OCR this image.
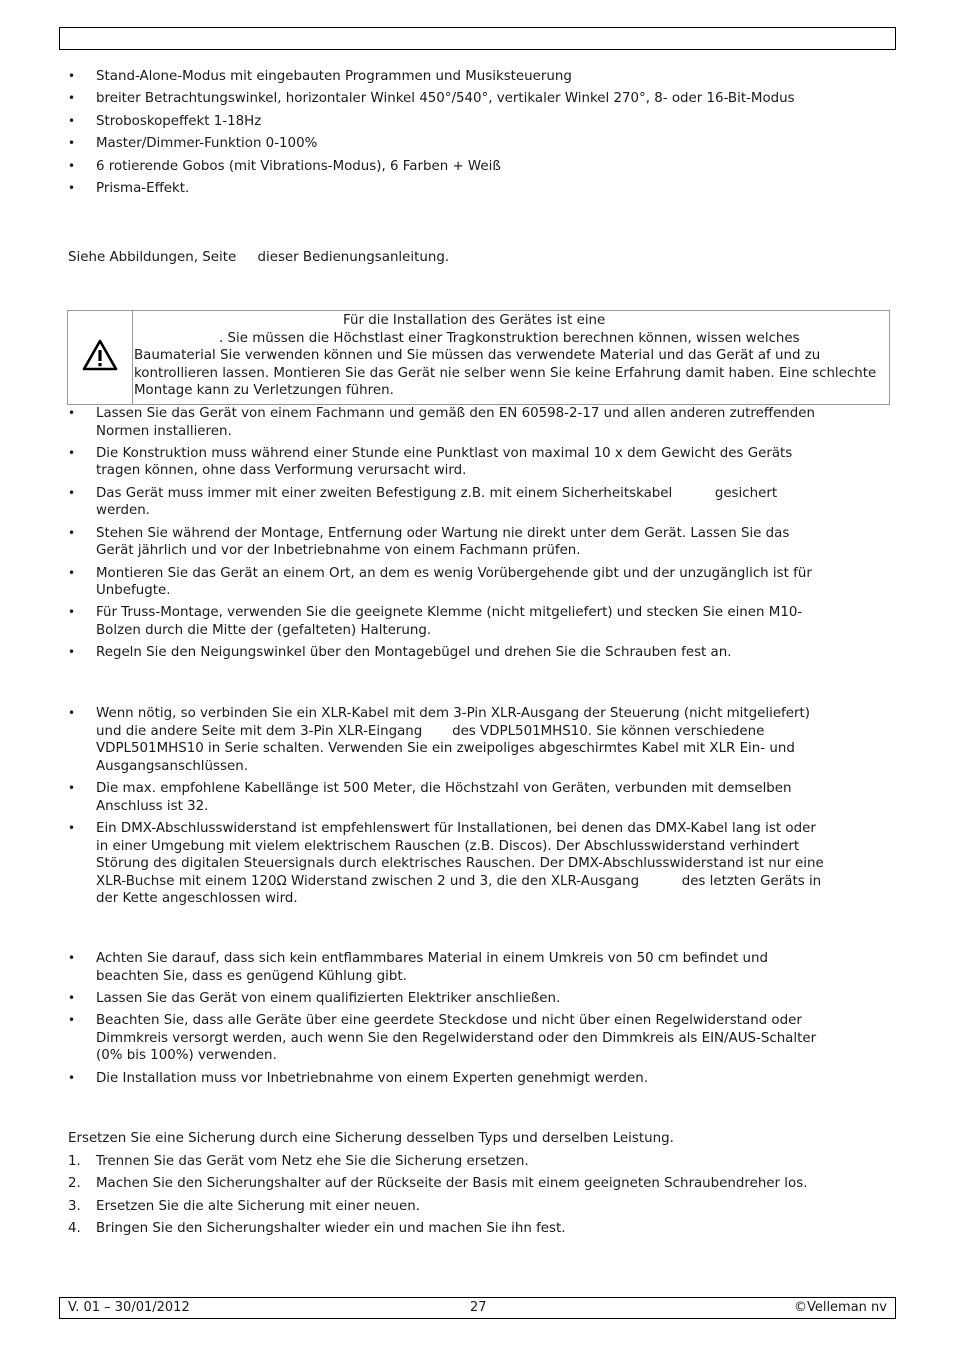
• Stand-Alone-Modus mit eingebauten Programmen und Musiksteuerung
• breiter Betrachtungswinkel, horizontaler Winkel 450°/540°, vertikaler Winkel 270°, 8- oder 16-Bit-Modus
• Stroboskopeffekt 1-18Hz
• Master/Dimmer-Funktion 0-100%
• 6 rotierende Gobos (mit Vibrations-Modus), 6 Farben + Weiß
• Prisma-Effekt.
Siehe Abbildungen, Seite     dieser Bedienungsanleitung.
Für die Installation des Gerätes ist eine
. Sie müssen die Höchstlast einer Tragkonstruktion berechnen können, wissen welches
Baumaterial Sie verwenden können und Sie müssen das verwendete Material und das Gerät af und zu kontrollieren lassen. Montieren Sie das Gerät nie selber wenn Sie keine Erfahrung damit haben. Eine schlechte Montage kann zu Verletzungen führen.
• Lassen Sie das Gerät von einem Fachmann und gemäß den EN 60598-2-17 und allen anderen zutreffenden
Normen installieren.
• Die Konstruktion muss während einer Stunde eine Punktlast von maximal 10 x dem Gewicht des Geräts
tragen können, ohne dass Verformung verursacht wird.
• Das Gerät muss immer mit einer zweiten Befestigung z.B. mit einem Sicherheitskabel          gesichert
werden.
• Stehen Sie während der Montage, Entfernung oder Wartung nie direkt unter dem Gerät. Lassen Sie das
Gerät jährlich und vor der Inbetriebnahme von einem Fachmann prüfen.
• Montieren Sie das Gerät an einem Ort, an dem es wenig Vorübergehende gibt und der unzugänglich ist für
Unbefugte.
• Für Truss-Montage, verwenden Sie die geeignete Klemme (nicht mitgeliefert) und stecken Sie einen M10-
Bolzen durch die Mitte der (gefalteten) Halterung.
• Regeln Sie den Neigungswinkel über den Montagebügel und drehen Sie die Schrauben fest an.
• Wenn nötig, so verbinden Sie ein XLR-Kabel mit dem 3-Pin XLR-Ausgang der Steuerung (nicht mitgeliefert)
und die andere Seite mit dem 3-Pin XLR-Eingang       des VDPL501MHS10. Sie können verschiedene
VDPL501MHS10 in Serie schalten. Verwenden Sie ein zweipoliges abgeschirmtes Kabel mit XLR Ein- und
Ausgangsanschlüssen.
• Die max. empfohlene Kabellänge ist 500 Meter, die Höchstzahl von Geräten, verbunden mit demselben
Anschluss ist 32.
• Ein DMX-Abschlusswiderstand ist empfehlenswert für Installationen, bei denen das DMX-Kabel lang ist oder
in einer Umgebung mit vielem elektrischem Rauschen (z.B. Discos). Der Abschlusswiderstand verhindert
Störung des digitalen Steuersignals durch elektrisches Rauschen. Der DMX-Abschlusswiderstand ist nur eine
XLR-Buchse mit einem 120Ω Widerstand zwischen 2 und 3, die den XLR-Ausgang          des letzten Geräts in
der Kette angeschlossen wird.
• Achten Sie darauf, dass sich kein entflammbares Material in einem Umkreis von 50 cm befindet und
beachten Sie, dass es genügend Kühlung gibt.
• Lassen Sie das Gerät von einem qualifizierten Elektriker anschließen.
• Beachten Sie, dass alle Geräte über eine geerdete Steckdose und nicht über einen Regelwiderstand oder
Dimmkreis versorgt werden, auch wenn Sie den Regelwiderstand oder den Dimmkreis als EIN/AUS-Schalter
(0% bis 100%) verwenden.
• Die Installation muss vor Inbetriebnahme von einem Experten genehmigt werden.
Ersetzen Sie eine Sicherung durch eine Sicherung desselben Typs und derselben Leistung.
1. Trennen Sie das Gerät vom Netz ehe Sie die Sicherung ersetzen.
2. Machen Sie den Sicherungshalter auf der Rückseite der Basis mit einem geeigneten Schraubendreher los.
3. Ersetzen Sie die alte Sicherung mit einer neuen.
4. Bringen Sie den Sicherungshalter wieder ein und machen Sie ihn fest.
V. 01 – 30/01/2012	27	©Velleman nv
